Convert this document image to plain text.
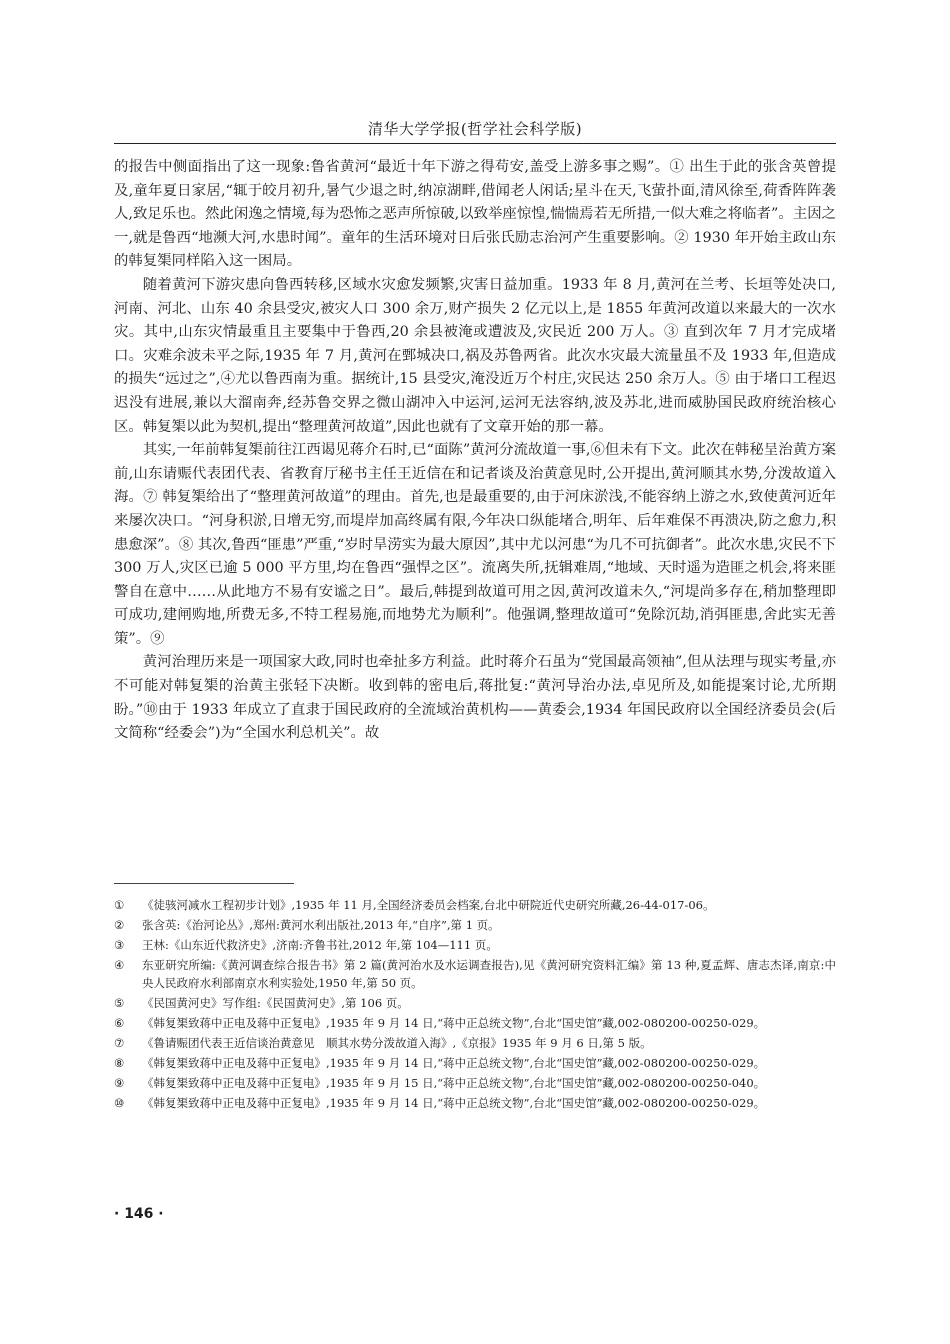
清华大学学报(哲学社会科学版)

的报告中侧面指出了这一现象:鲁省黄河“最近十年下游之得苟安,盖受上游多事之赐”。① 出生于此的张含英曾提及,童年夏日家居,“辄于皎月初升,暑气少退之时,纳凉湖畔,借闻老人闲话;星斗在天,飞萤扑面,清风徐至,荷香阵阵袭人,致足乐也。然此闲逸之情境,每为恐怖之恶声所惊破,以致举座惊惶,惴惴焉若无所措,一似大难之将临者”。主因之一,就是鲁西“地濒大河,水患时闻”。童年的生活环境对日后张氏励志治河产生重要影响。② 1930 年开始主政山东的韩复榘同样陷入这一困局。

随着黄河下游灾患向鲁西转移,区域水灾愈发频繁,灾害日益加重。1933 年 8 月,黄河在兰考、长垣等处决口,河南、河北、山东 40 余县受灾,被灾人口 300 余万,财产损失 2 亿元以上,是 1855 年黄河改道以来最大的一次水灾。其中,山东灾情最重且主要集中于鲁西,20 余县被淹或遭波及,灾民近 200 万人。③ 直到次年 7 月才完成堵口。灾难余波未平之际,1935 年 7 月,黄河在鄄城决口,祸及苏鲁两省。此次水灾最大流量虽不及 1933 年,但造成的损失“远过之”,④尤以鲁西南为重。据统计,15 县受灾,淹没近万个村庄,灾民达 250 余万人。⑤ 由于堵口工程迟迟没有进展,兼以大溜南奔,经苏鲁交界之微山湖冲入中运河,运河无法容纳,波及苏北,进而威胁国民政府统治核心区。韩复榘以此为契机,提出“整理黄河故道”,因此也就有了文章开始的那一幕。

其实,一年前韩复榘前往江西谒见蒋介石时,已“面陈”黄河分流故道一事,⑥但未有下文。此次在韩秘呈治黄方案前,山东请赈代表团代表、省教育厅秘书主任王近信在和记者谈及治黄意见时,公开提出,黄河顺其水势,分泼故道入海。⑦ 韩复榘给出了“整理黄河故道”的理由。首先,也是最重要的,由于河床淤浅,不能容纳上游之水,致使黄河近年来屡次决口。“河身积淤,日增无穷,而堤岸加高终属有限,今年决口纵能堵合,明年、后年难保不再溃决,防之愈力,积患愈深”。⑧ 其次,鲁西“匪患”严重,“岁时旱涝实为最大原因”,其中尤以河患“为几不可抗御者”。此次水患,灾民不下 300 万人,灾区已逾 5 000 平方里,均在鲁西“强悍之区”。流离失所,抚辑难周,“地域、天时遥为造匪之机会,将来匪警自在意中……从此地方不易有安谧之日”。最后,韩提到故道可用之因,黄河改道未久,“河堤尚多存在,稍加整理即可成功,建闸购地,所费无多,不特工程易施,而地势尤为顺利”。他强调,整理故道可“免除沉劫,消弭匪患,舍此实无善策”。⑨

黄河治理历来是一项国家大政,同时也牵扯多方利益。此时蒋介石虽为“党国最高领袖”,但从法理与现实考量,亦不可能对韩复榘的治黄主张轻下决断。收到韩的密电后,蒋批复:“黄河导治办法,卓见所及,如能提案讨论,尤所期盼。”⑩由于 1933 年成立了直隶于国民政府的全流域治黄机构——黄委会,1934 年国民政府以全国经济委员会(后文简称“经委会”)为“全国水利总机关”。故

①	《徒骇河减水工程初步计划》,1935 年 11 月,全国经济委员会档案,台北中研院近代史研究所藏,26-44-017-06。
②	张含英:《治河论丛》,郑州:黄河水利出版社,2013 年,“自序”,第 1 页。
③	王林:《山东近代救济史》,济南:齐鲁书社,2012 年,第 104—111 页。
④	东亚研究所编:《黄河调查综合报告书》第 2 篇(黄河治水及水运调查报告),见《黄河研究资料汇编》第 13 种,夏孟辉、唐志杰译,南京:中央人民政府水利部南京水利实验处,1950 年,第 50 页。
⑤	《民国黄河史》写作组:《民国黄河史》,第 106 页。
⑥	《韩复榘致蒋中正电及蒋中正复电》,1935 年 9 月 14 日,“蒋中正总统文物”,台北“国史馆”藏,002-080200-00250-029。
⑦	《鲁请赈团代表王近信谈治黄意见　顺其水势分泼故道入海》,《京报》1935 年 9 月 6 日,第 5 版。
⑧	《韩复榘致蒋中正电及蒋中正复电》,1935 年 9 月 14 日,“蒋中正总统文物”,台北“国史馆”藏,002-080200-00250-029。
⑨	《韩复榘致蒋中正电及蒋中正复电》,1935 年 9 月 15 日,“蒋中正总统文物”,台北“国史馆”藏,002-080200-00250-040。
⑩	《韩复榘致蒋中正电及蒋中正复电》,1935 年 9 月 14 日,“蒋中正总统文物”,台北“国史馆”藏,002-080200-00250-029。
· 146 ·
